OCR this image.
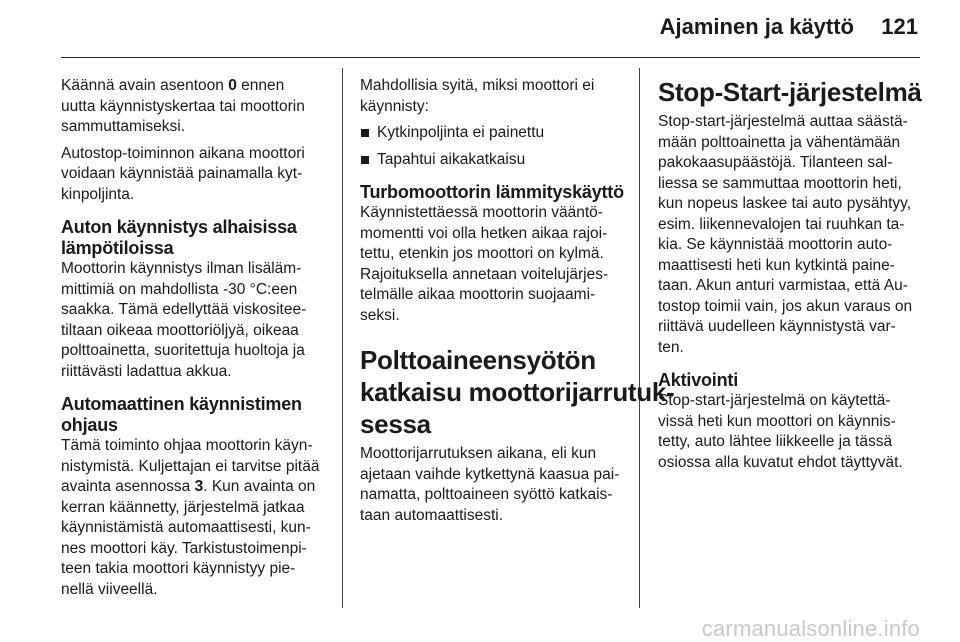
Ajaminen ja käyttö 121

Käännä avain asentoon 0 ennen
uutta käynnistyskertaa tai moottorin
sammuttamiseksi.

Autostop-toiminnon aikana moottori
voidaan käynnistää painamalla kyt-
kinpoljinta.

Auton käynnistys alhaisissa
lämpötiloissa

Moottorin käynnistys ilman lisäläm-
mittimiä on mahdollista -30 °C:een
saakka. Tämä edellyttää viskositee-
tiltaan oikeaa moottoriöljyä, oikeaa
polttoainetta, suoritettuja huoltoja ja
riittävästi ladattua akkua.

Automaattinen käynnistimen
ohjaus

Tämä toiminto ohjaa moottorin käyn-
nistymistä. Kuljettajan ei tarvitse pitää
avainta asennossa 3. Kun avainta on
kerran käännetty, järjestelmä jatkaa
käynnistämistä automaattisesti, kun-
nes moottori käy. Tarkistustoimenpi-
teen takia moottori käynnistyy pie-
nellä viiveellä.

Mahdollisia syitä, miksi moottori ei
käynnisty:

Kytkinpoljinta ei painettu
Tapahtui aikakatkaisu
Turbomoottorin lämmityskäyttö

Käynnistettäessä moottorin vääntö-
momentti voi olla hetken aikaa rajoi-
tettu, etenkin jos moottori on kylmä.
Rajoituksella annetaan voitelujärjes-
telmälle aikaa moottorin suojaami-
seksi.

Polttoaineensyötön
katkaisu moottorijarrutuk-
sessa

Moottorijarrutuksen aikana, eli kun
ajetaan vaihde kytkettynä kaasua pai-
namatta, polttoaineen syöttö katkais-
taan automaattisesti.

Stop-Start-järjestelmä

Stop-start-järjestelmä auttaa säästä-
mään polttoainetta ja vähentämään
pakokaasupäästöjä. Tilanteen sal-
liessa se sammuttaa moottorin heti,
kun nopeus laskee tai auto pysähtyy,
esim. liikennevalojen tai ruuhkan ta-
kia. Se käynnistää moottorin auto-
maattisesti heti kun kytkintä paine-
taan. Akun anturi varmistaa, että Au-
tostop toimii vain, jos akun varaus on
riittävä uudelleen käynnistystä var-
ten.

Aktivointi

Stop-start-järjestelmä on käytettä-
vissä heti kun moottori on käynnis-
tetty, auto lähtee liikkeelle ja tässä
osiossa alla kuvatut ehdot täyttyvät.

carmanualsonline.info
